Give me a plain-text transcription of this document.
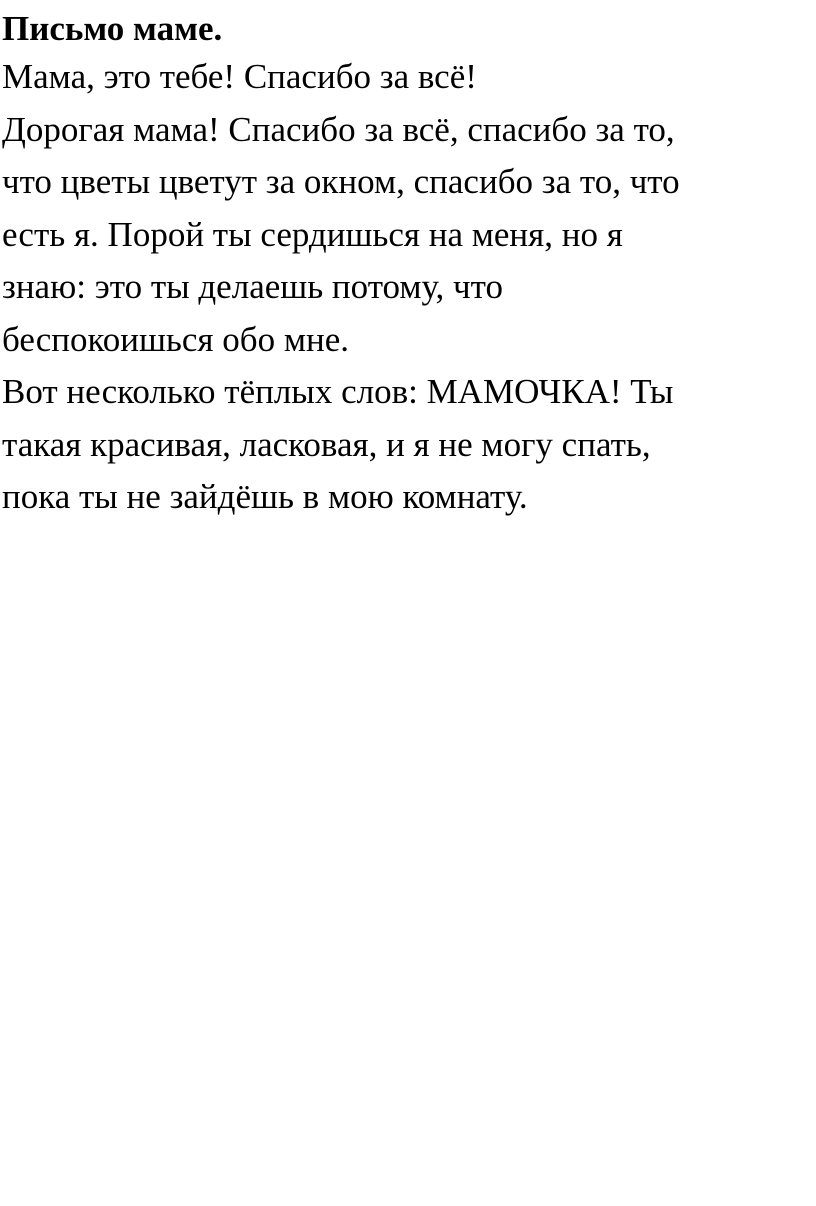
Письмо маме.
Мама, это тебе! Спасибо за всё!
Дорогая мама! Спасибо за всё, спасибо за то,
что цветы цветут за окном, спасибо за то, что
есть я. Порой ты сердишься на меня, но я
знаю: это ты делаешь потому, что
беспокоишься обо мне.
Вот несколько тёплых слов: МАМОЧКА! Ты
такая красивая, ласковая, и я не могу спать,
пока ты не зайдёшь в мою комнату.
